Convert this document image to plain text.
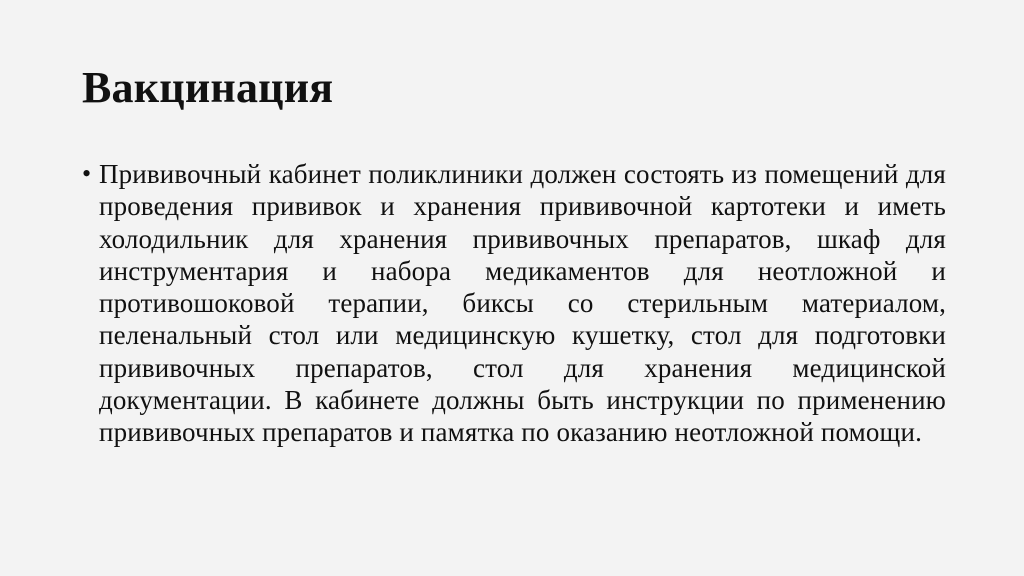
Вакцинация
• Прививочный кабинет поликлиники должен состоять из помещений для проведения прививок и хранения прививочной картотеки и иметь холодильник для хранения прививочных препаратов, шкаф для инструментария и набора медикаментов для неотложной и противошоковой терапии, биксы со стерильным материалом, пеленальный стол или медицинскую кушетку, стол для подготовки прививочных препаратов, стол для хранения медицинской документации. В кабинете должны быть инструкции по применению прививочных препаратов и памятка по оказанию неотложной помощи.
